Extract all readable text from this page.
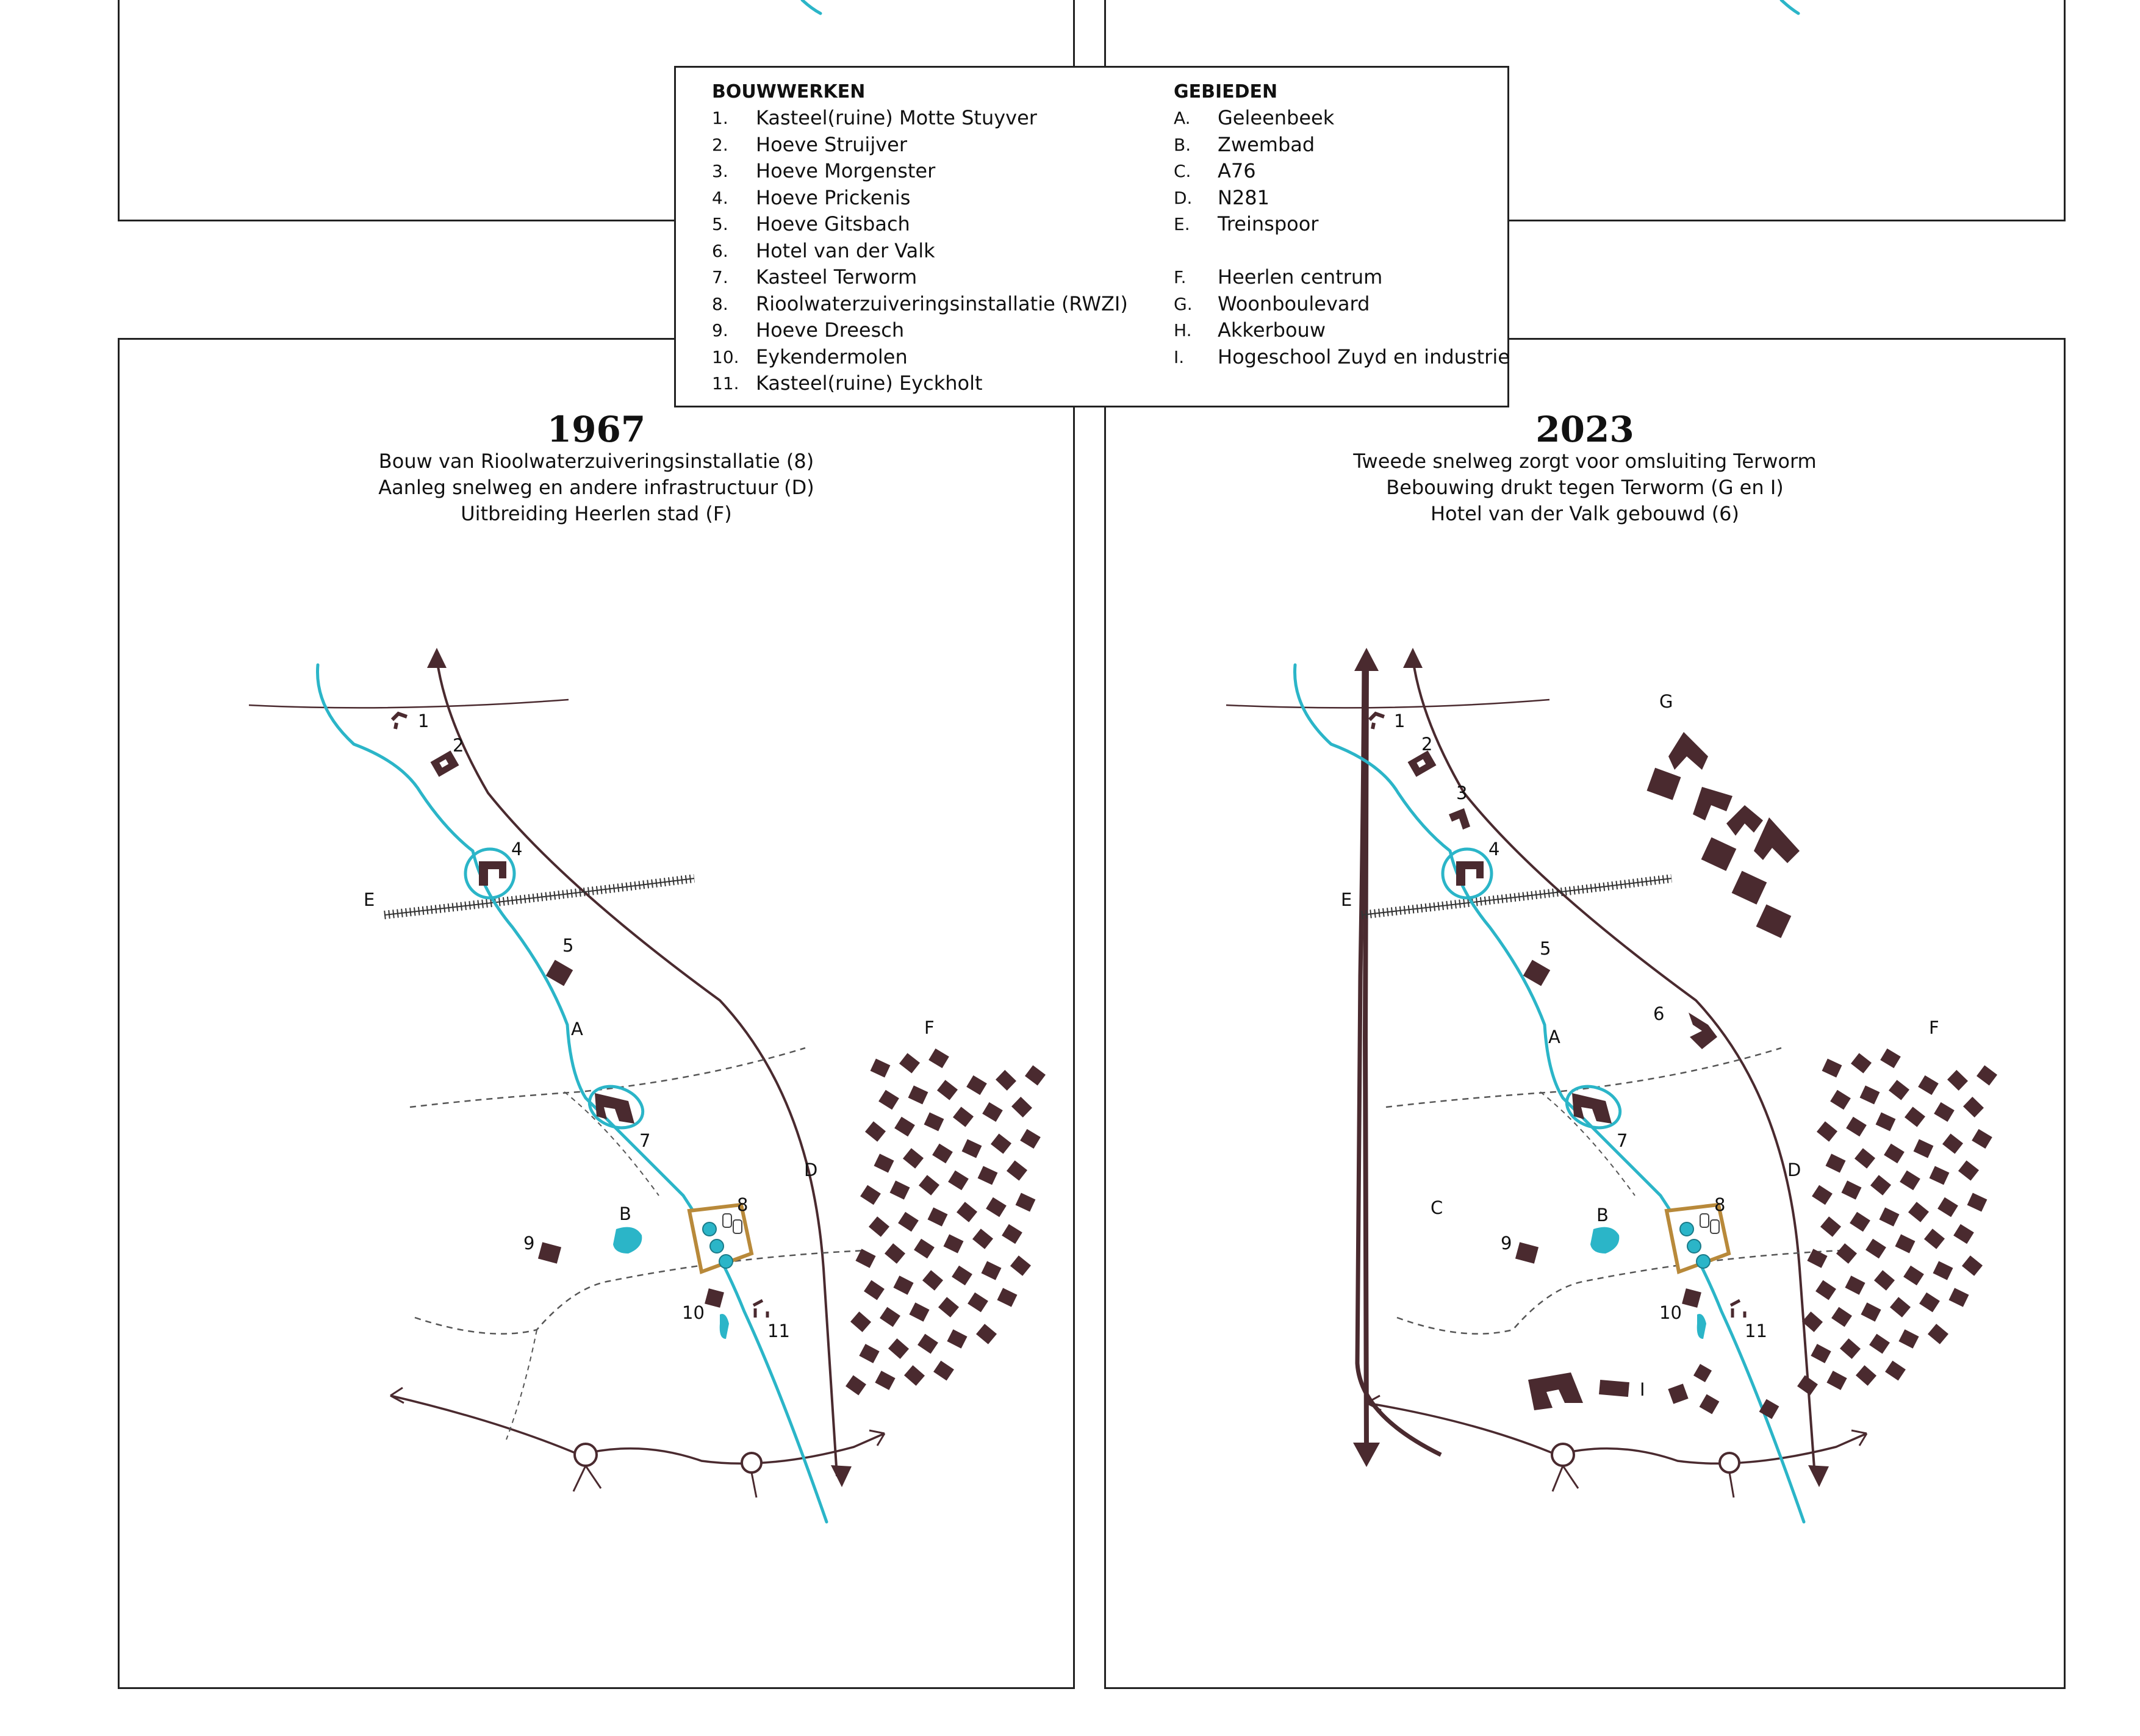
BOUWWERKEN
1. Kasteel(ruine) Motte Stuyver
2. Hoeve Struijver
3. Hoeve Morgenster
4. Hoeve Prickenis
5. Hoeve Gitsbach
6. Hotel van der Valk
7. Kasteel Terworm
8. Rioolwaterzuiveringsinstallatie (RWZI)
9. Hoeve Dreesch
10. Eykendermolen
11. Kasteel(ruine) Eyckholt
GEBIEDEN
A. Geleenbeek
B. Zwembad
C. A76
D. N281
E. Treinspoor
F. Heerlen centrum
G. Woonboulevard
H. Akkerbouw
I. Hogeschool Zuyd en industrie
1967
Bouw van Rioolwaterzuiveringsinstallatie (8)
Aanleg snelweg en andere infrastructuur (D)
Uitbreiding Heerlen stad (F)
2023
Tweede snelweg zorgt voor omsluiting Terworm
Bebouwing drukt tegen Terworm (G en I)
Hotel van der Valk gebouwd (6)
1
2
4
5
7
8
9
10
11
A
B
D
E
F
1
2
3
4
5
6
7
8
9
10
11
A
B
C
D
E
F
G
I
